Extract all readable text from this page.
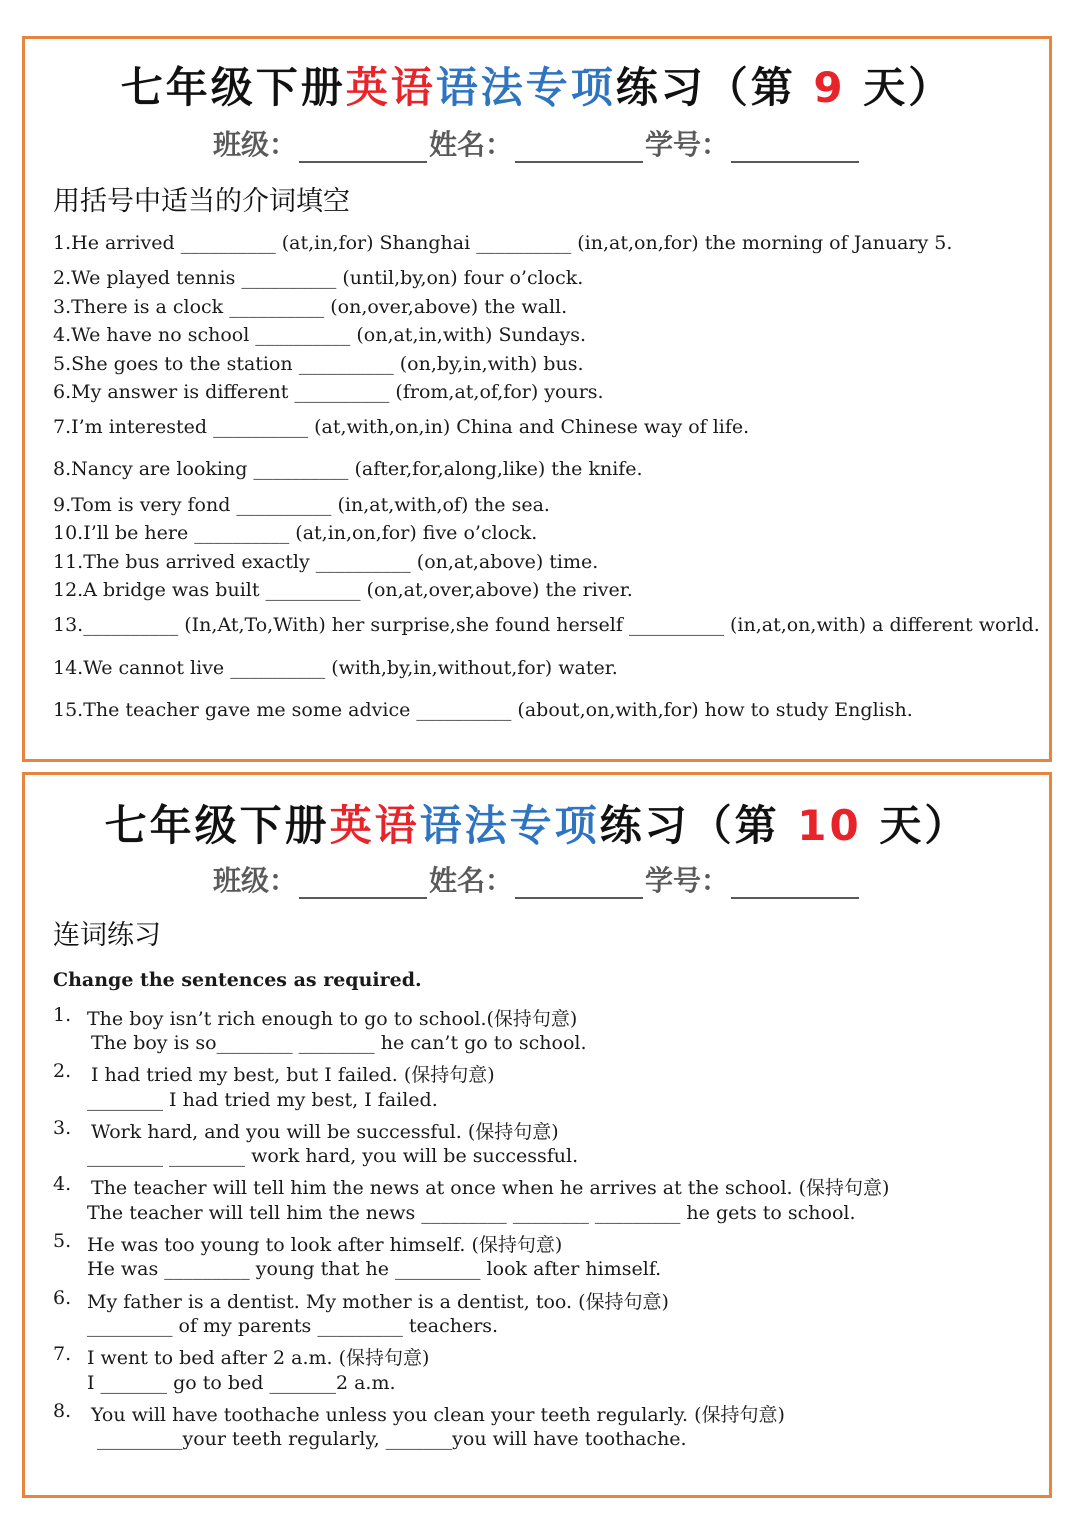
七年级下册英语语法专项练习（第 9 天）
班级：	姓名：	学号：
用括号中适当的介词填空
1.He arrived __________ (at,in,for) Shanghai __________ (in,at,on,for) the morning of January 5.
2.We played tennis __________ (until,by,on) four o’clock.
3.There is a clock __________ (on,over,above) the wall.
4.We have no school __________ (on,at,in,with) Sundays.
5.She goes to the station __________ (on,by,in,with) bus.
6.My answer is different __________ (from,at,of,for) yours.
7.I’m interested __________ (at,with,on,in) China and Chinese way of life.
8.Nancy are looking __________ (after,for,along,like) the knife.
9.Tom is very fond __________ (in,at,with,of) the sea.
10.I’ll be here __________ (at,in,on,for) five o’clock.
11.The bus arrived exactly __________ (on,at,above) time.
12.A bridge was built __________ (on,at,over,above) the river.
13.__________ (In,At,To,With) her surprise,she found herself __________ (in,at,on,with) a different world.
14.We cannot live __________ (with,by,in,without,for) water.
15.The teacher gave me some advice __________ (about,on,with,for) how to study English.
七年级下册英语语法专项练习（第 10 天）
班级：	姓名：	学号：
连词练习
Change the sentences as required.
1. The boy isn’t rich enough to go to school.(保持句意)
The boy is so________ ________ he can’t go to school.
2. I had tried my best, but I failed. (保持句意)
________ I had tried my best, I failed.
3. Work hard, and you will be successful. (保持句意)
________ ________ work hard, you will be successful.
4. The teacher will tell him the news at once when he arrives at the school. (保持句意)
The teacher will tell him the news _________ ________ _________ he gets to school.
5. He was too young to look after himself. (保持句意)
He was _________ young that he _________ look after himself.
6. My father is a dentist. My mother is a dentist, too. (保持句意)
_________ of my parents _________ teachers.
7. I went to bed after 2 a.m. (保持句意)
I _______ go to bed _______2 a.m.
8. You will have toothache unless you clean your teeth regularly. (保持句意)
_________your teeth regularly, _______you will have toothache.
